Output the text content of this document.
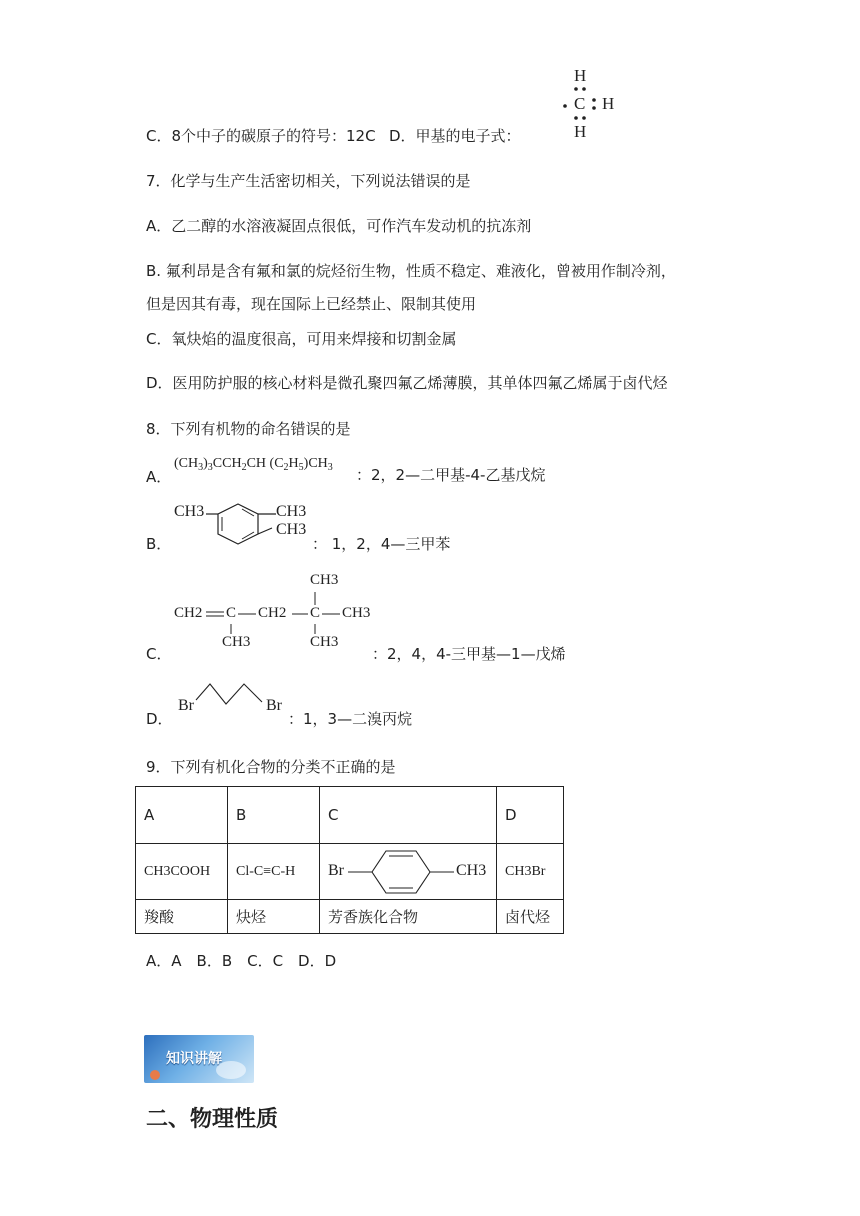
C．8个中子的碳原子的符号：12C D．甲基的电子式：
H
C H
H
7．化学与生产生活密切相关，下列说法错误的是
A．乙二醇的水溶液凝固点很低，可作汽车发动机的抗冻剂
B. 氟利昂是含有氟和氯的烷烃衍生物，性质不稳定、难液化，曾被用作制冷剂，
但是因其有毒，现在国际上已经禁止、限制其使用
C．氧炔焰的温度很高，可用来焊接和切割金属
D．医用防护服的核心材料是微孔聚四氟乙烯薄膜，其单体四氟乙烯属于卤代烃
8．下列有机物的命名错误的是
A．
$(CH_3)_3CCH_2CH$ $(C_2H_5)CH_3$ ：2，2—二甲基-4-乙基戊烷
B．
CH3	CH3
CH3
： 1，2，4—三甲苯
C．
CH2 C CH2 C CH3
CH3
CH3	CH3
：2，4，4-三甲基—1—戊烯
D．
Br	Br
：1，3—二溴丙烷
9．下列有机化合物的分类不正确的是
A	B	C	D
CH3COOH	Cl-C≡C-H	Br CH3	CH3Br
羧酸	炔烃	芳香族化合物	卤代烃
A．A　B．B　C．C　D．D
知识讲解
二、物理性质
